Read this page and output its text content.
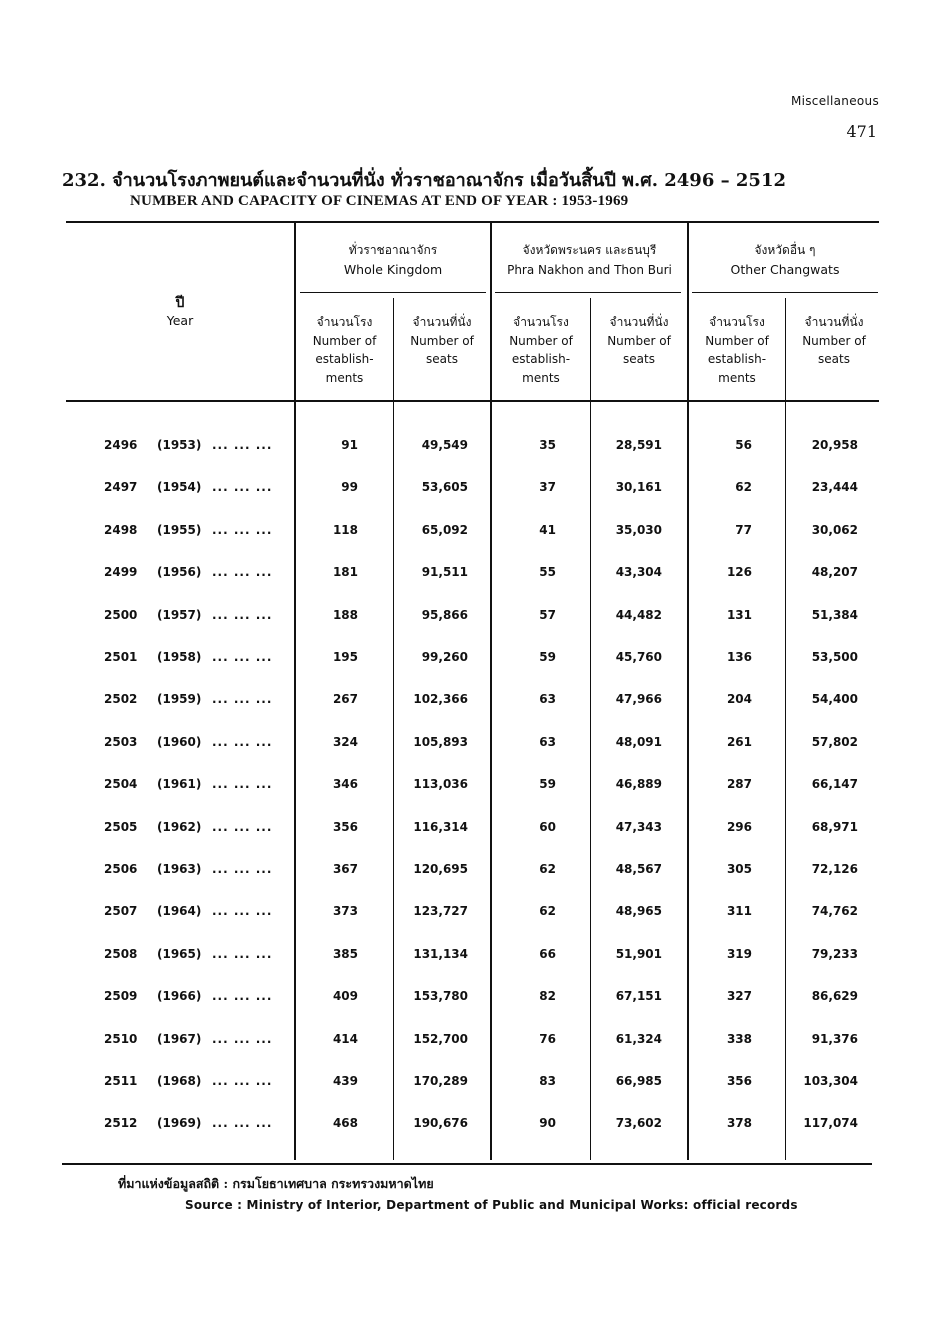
Miscellaneous
471
232. จำนวนโรงภาพยนต์และจำนวนที่นั่ง ทั่วราชอาณาจักร เมื่อวันสิ้นปี พ.ศ. 2496 – 2512
NUMBER AND CAPACITY OF CINEMAS AT END OF YEAR : 1953-1969
ปี
Year
ทั่วราชอาณาจักร
Whole Kingdom
จังหวัดพระนคร และธนบุรี
Phra Nakhon and Thon Buri
จังหวัดอื่น ๆ
Other Changwats
จำนวนโรง
Number of
establish-
ments
จำนวนที่นั่ง
Number of
seats
จำนวนโรง
Number of
establish-
ments
จำนวนที่นั่ง
Number of
seats
จำนวนโรง
Number of
establish-
ments
จำนวนที่นั่ง
Number of
seats
2496 (1953) ... ... ...	91	49,549	35	28,591	56	20,958
2497 (1954) ... ... ...	99	53,605	37	30,161	62	23,444
2498 (1955) ... ... ...	118	65,092	41	35,030	77	30,062
2499 (1956) ... ... ...	181	91,511	55	43,304	126	48,207
2500 (1957) ... ... ...	188	95,866	57	44,482	131	51,384
2501 (1958) ... ... ...	195	99,260	59	45,760	136	53,500
2502 (1959) ... ... ...	267	102,366	63	47,966	204	54,400
2503 (1960) ... ... ...	324	105,893	63	48,091	261	57,802
2504 (1961) ... ... ...	346	113,036	59	46,889	287	66,147
2505 (1962) ... ... ...	356	116,314	60	47,343	296	68,971
2506 (1963) ... ... ...	367	120,695	62	48,567	305	72,126
2507 (1964) ... ... ...	373	123,727	62	48,965	311	74,762
2508 (1965) ... ... ...	385	131,134	66	51,901	319	79,233
2509 (1966) ... ... ...	409	153,780	82	67,151	327	86,629
2510 (1967) ... ... ...	414	152,700	76	61,324	338	91,376
2511 (1968) ... ... ...	439	170,289	83	66,985	356	103,304
2512 (1969) ... ... ...	468	190,676	90	73,602	378	117,074
ที่มาแห่งข้อมูลสถิติ : กรมโยธาเทศบาล กระทรวงมหาดไทย
Source : Ministry of Interior, Department of Public and Municipal Works: official records
